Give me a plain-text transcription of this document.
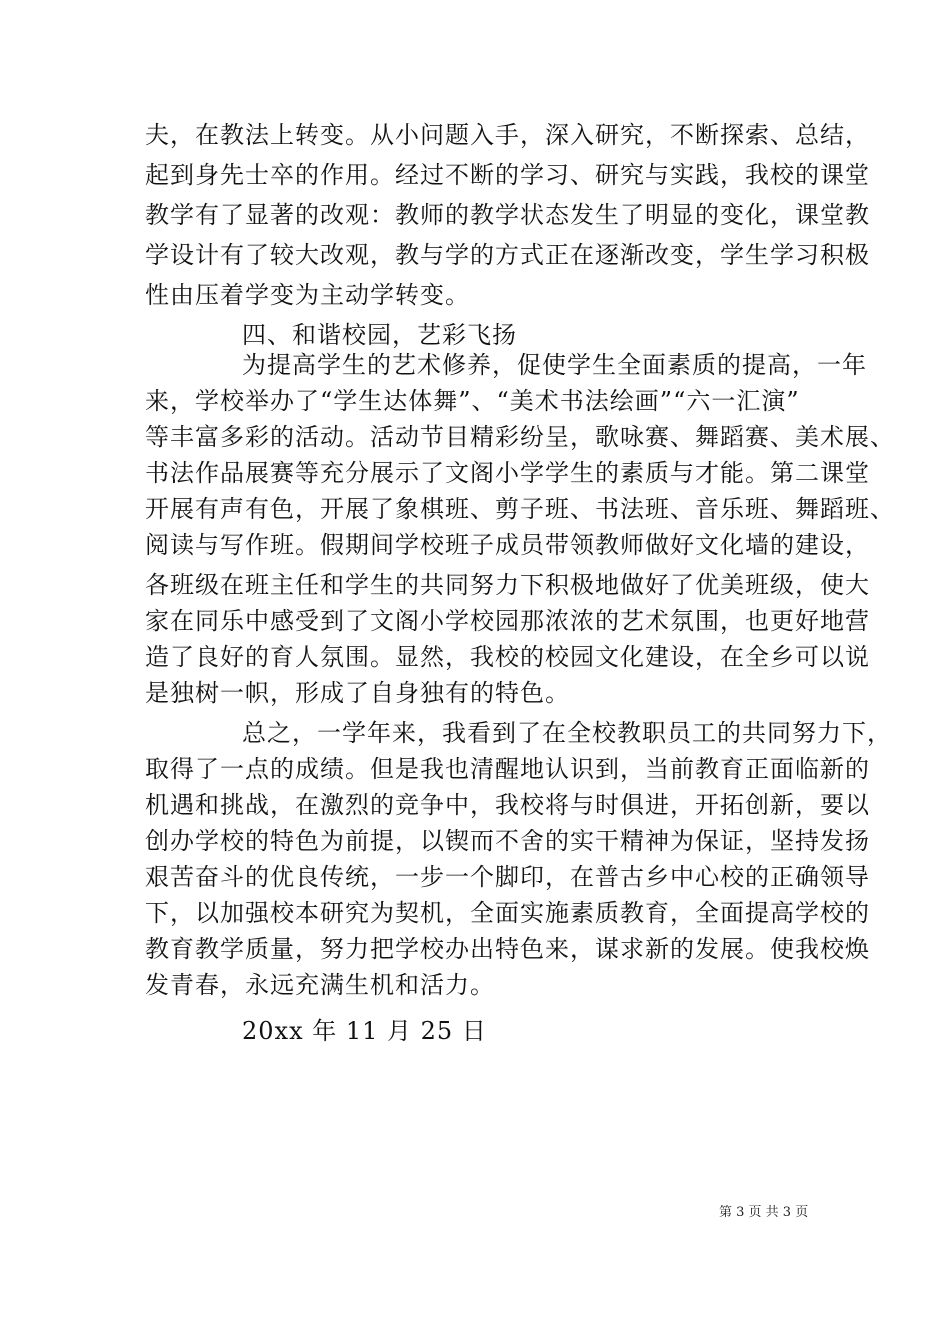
夫，在教法上转变。从小问题入手，深入研究，不断探索、总结，
起到身先士卒的作用。经过不断的学习、研究与实践，我校的课堂
教学有了显著的改观：教师的教学状态发生了明显的变化，课堂教
学设计有了较大改观，教与学的方式正在逐渐改变，学生学习积极
性由压着学变为主动学转变。
四、和谐校园，艺彩飞扬
为提高学生的艺术修养，促使学生全面素质的提高，一年
来，学校举办了“学生达体舞”、“美术书法绘画”“六一汇演”
等丰富多彩的活动。活动节目精彩纷呈，歌咏赛、舞蹈赛、美术展、
书法作品展赛等充分展示了文阁小学学生的素质与才能。第二课堂
开展有声有色，开展了象棋班、剪子班、书法班、音乐班、舞蹈班、
阅读与写作班。假期间学校班子成员带领教师做好文化墙的建设，
各班级在班主任和学生的共同努力下积极地做好了优美班级，使大
家在同乐中感受到了文阁小学校园那浓浓的艺术氛围，也更好地营
造了良好的育人氛围。显然，我校的校园文化建设，在全乡可以说
是独树一帜，形成了自身独有的特色。
总之，一学年来，我看到了在全校教职员工的共同努力下，
取得了一点的成绩。但是我也清醒地认识到，当前教育正面临新的
机遇和挑战，在激烈的竞争中，我校将与时俱进，开拓创新，要以
创办学校的特色为前提，以锲而不舍的实干精神为保证，坚持发扬
艰苦奋斗的优良传统，一步一个脚印，在普古乡中心校的正确领导
下，以加强校本研究为契机，全面实施素质教育，全面提高学校的
教育教学质量，努力把学校办出特色来，谋求新的发展。使我校焕
发青春，永远充满生机和活力。
20xx 年 11 月 25 日
第 3 页 共 3 页
